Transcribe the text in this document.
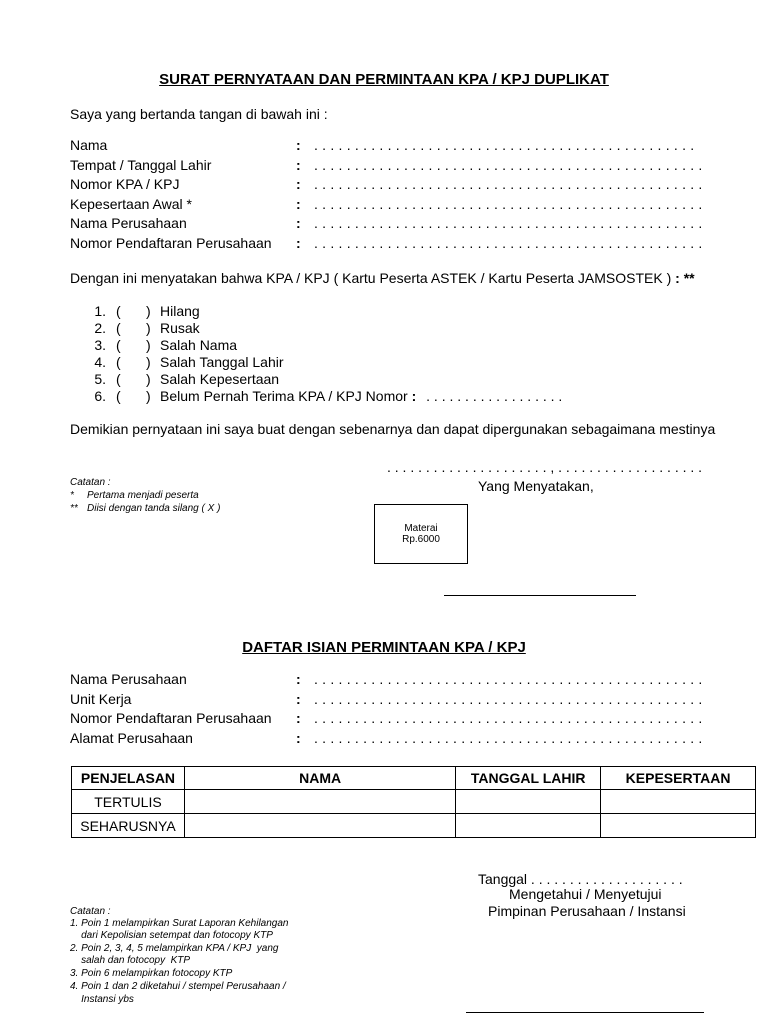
SURAT PERNYATAAN DAN PERMINTAAN KPA / KPJ DUPLIKAT
Saya yang bertanda tangan di bawah ini :
Nama	: . . . . . . . . . . . . . . . . . . . . . . . . . . . . . . . . . . . . . . . . . . . . . . .
Tempat / Tanggal Lahir	: . . . . . . . . . . . . . . . . . . . . . . . . . . . . . . . . . . . . . . . . . . . . . . . .
Nomor KPA / KPJ	: . . . . . . . . . . . . . . . . . . . . . . . . . . . . . . . . . . . . . . . . . . . . . . . .
Kepesertaan Awal *	: . . . . . . . . . . . . . . . . . . . . . . . . . . . . . . . . . . . . . . . . . . . . . . . .
Nama Perusahaan	: . . . . . . . . . . . . . . . . . . . . . . . . . . . . . . . . . . . . . . . . . . . . . . . .
Nomor Pendaftaran Perusahaan : . . . . . . . . . . . . . . . . . . . . . . . . . . . . . . . . . . . . . . . . . . . . . . . .
Dengan ini menyatakan bahwa KPA / KPJ ( Kartu Peserta ASTEK / Kartu Peserta JAMSOSTEK ) : **
1. ( ) Hilang
2. ( ) Rusak
3. ( ) Salah Nama
4. ( ) Salah Tanggal Lahir
5. ( ) Salah Kepesertaan
6. ( ) Belum Pernah Terima KPA / KPJ Nomor : . . . . . . . . . . . . . . . . . .
Demikian pernyataan ini saya buat dengan sebenarnya dan dapat dipergunakan sebagaimana mestinya
. . . . . . . . . . . . . . . . . . . . . , . . . . . . . . . . . . . . . . . . .
Yang Menyatakan,
Catatan :
* Pertama menjadi peserta
** Diisi dengan tanda silang ( X )
Materai
Rp.6000
DAFTAR ISIAN PERMINTAAN KPA / KPJ
Nama Perusahaan	: . . . . . . . . . . . . . . . . . . . . . . . . . . . . . . . . . . . . . . . . . . . . . . . .
Unit Kerja	: . . . . . . . . . . . . . . . . . . . . . . . . . . . . . . . . . . . . . . . . . . . . . . . .
Nomor Pendaftaran Perusahaan : . . . . . . . . . . . . . . . . . . . . . . . . . . . . . . . . . . . . . . . . . . . . . . . .
Alamat Perusahaan	: . . . . . . . . . . . . . . . . . . . . . . . . . . . . . . . . . . . . . . . . . . . . . . . .
PENJELASAN	NAMA	TANGGAL LAHIR	KEPESERTAAN
TERTULIS			
SEHARUSNYA			
Tanggal . . . . . . . . . . . . . . . . . . . .
Mengetahui / Menyetujui
Pimpinan Perusahaan / Instansi
Catatan :
1. Poin 1 melampirkan Surat Laporan Kehilangan
dari Kepolisian setempat dan fotocopy KTP
2. Poin 2, 3, 4, 5 melampirkan KPA / KPJ  yang
salah dan fotocopy  KTP
3. Poin 6 melampirkan fotocopy KTP
4. Poin 1 dan 2 diketahui / stempel Perusahaan /
Instansi ybs
